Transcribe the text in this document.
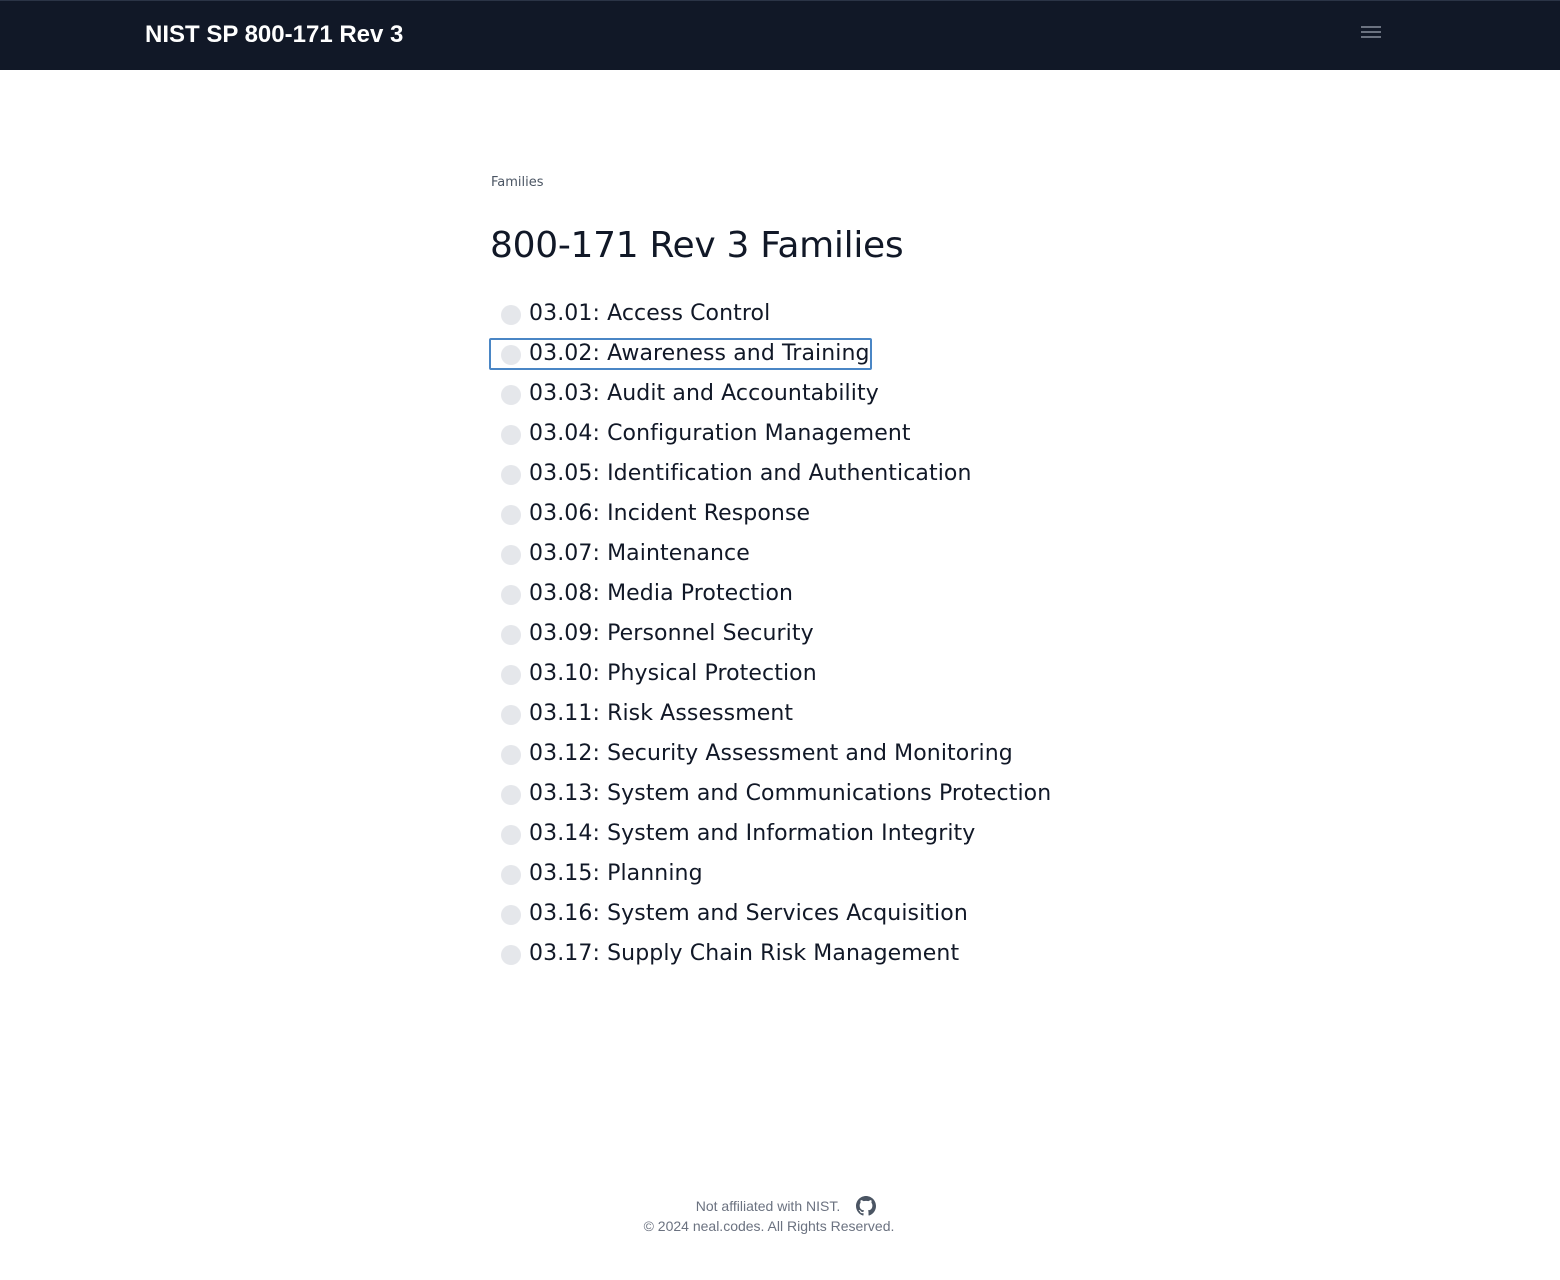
NIST SP 800-171 Rev 3
Families
800-171 Rev 3 Families
03.01: Access Control
03.02: Awareness and Training
03.03: Audit and Accountability
03.04: Configuration Management
03.05: Identification and Authentication
03.06: Incident Response
03.07: Maintenance
03.08: Media Protection
03.09: Personnel Security
03.10: Physical Protection
03.11: Risk Assessment
03.12: Security Assessment and Monitoring
03.13: System and Communications Protection
03.14: System and Information Integrity
03.15: Planning
03.16: System and Services Acquisition
03.17: Supply Chain Risk Management
Not affiliated with NIST.
© 2024 neal.codes. All Rights Reserved.
